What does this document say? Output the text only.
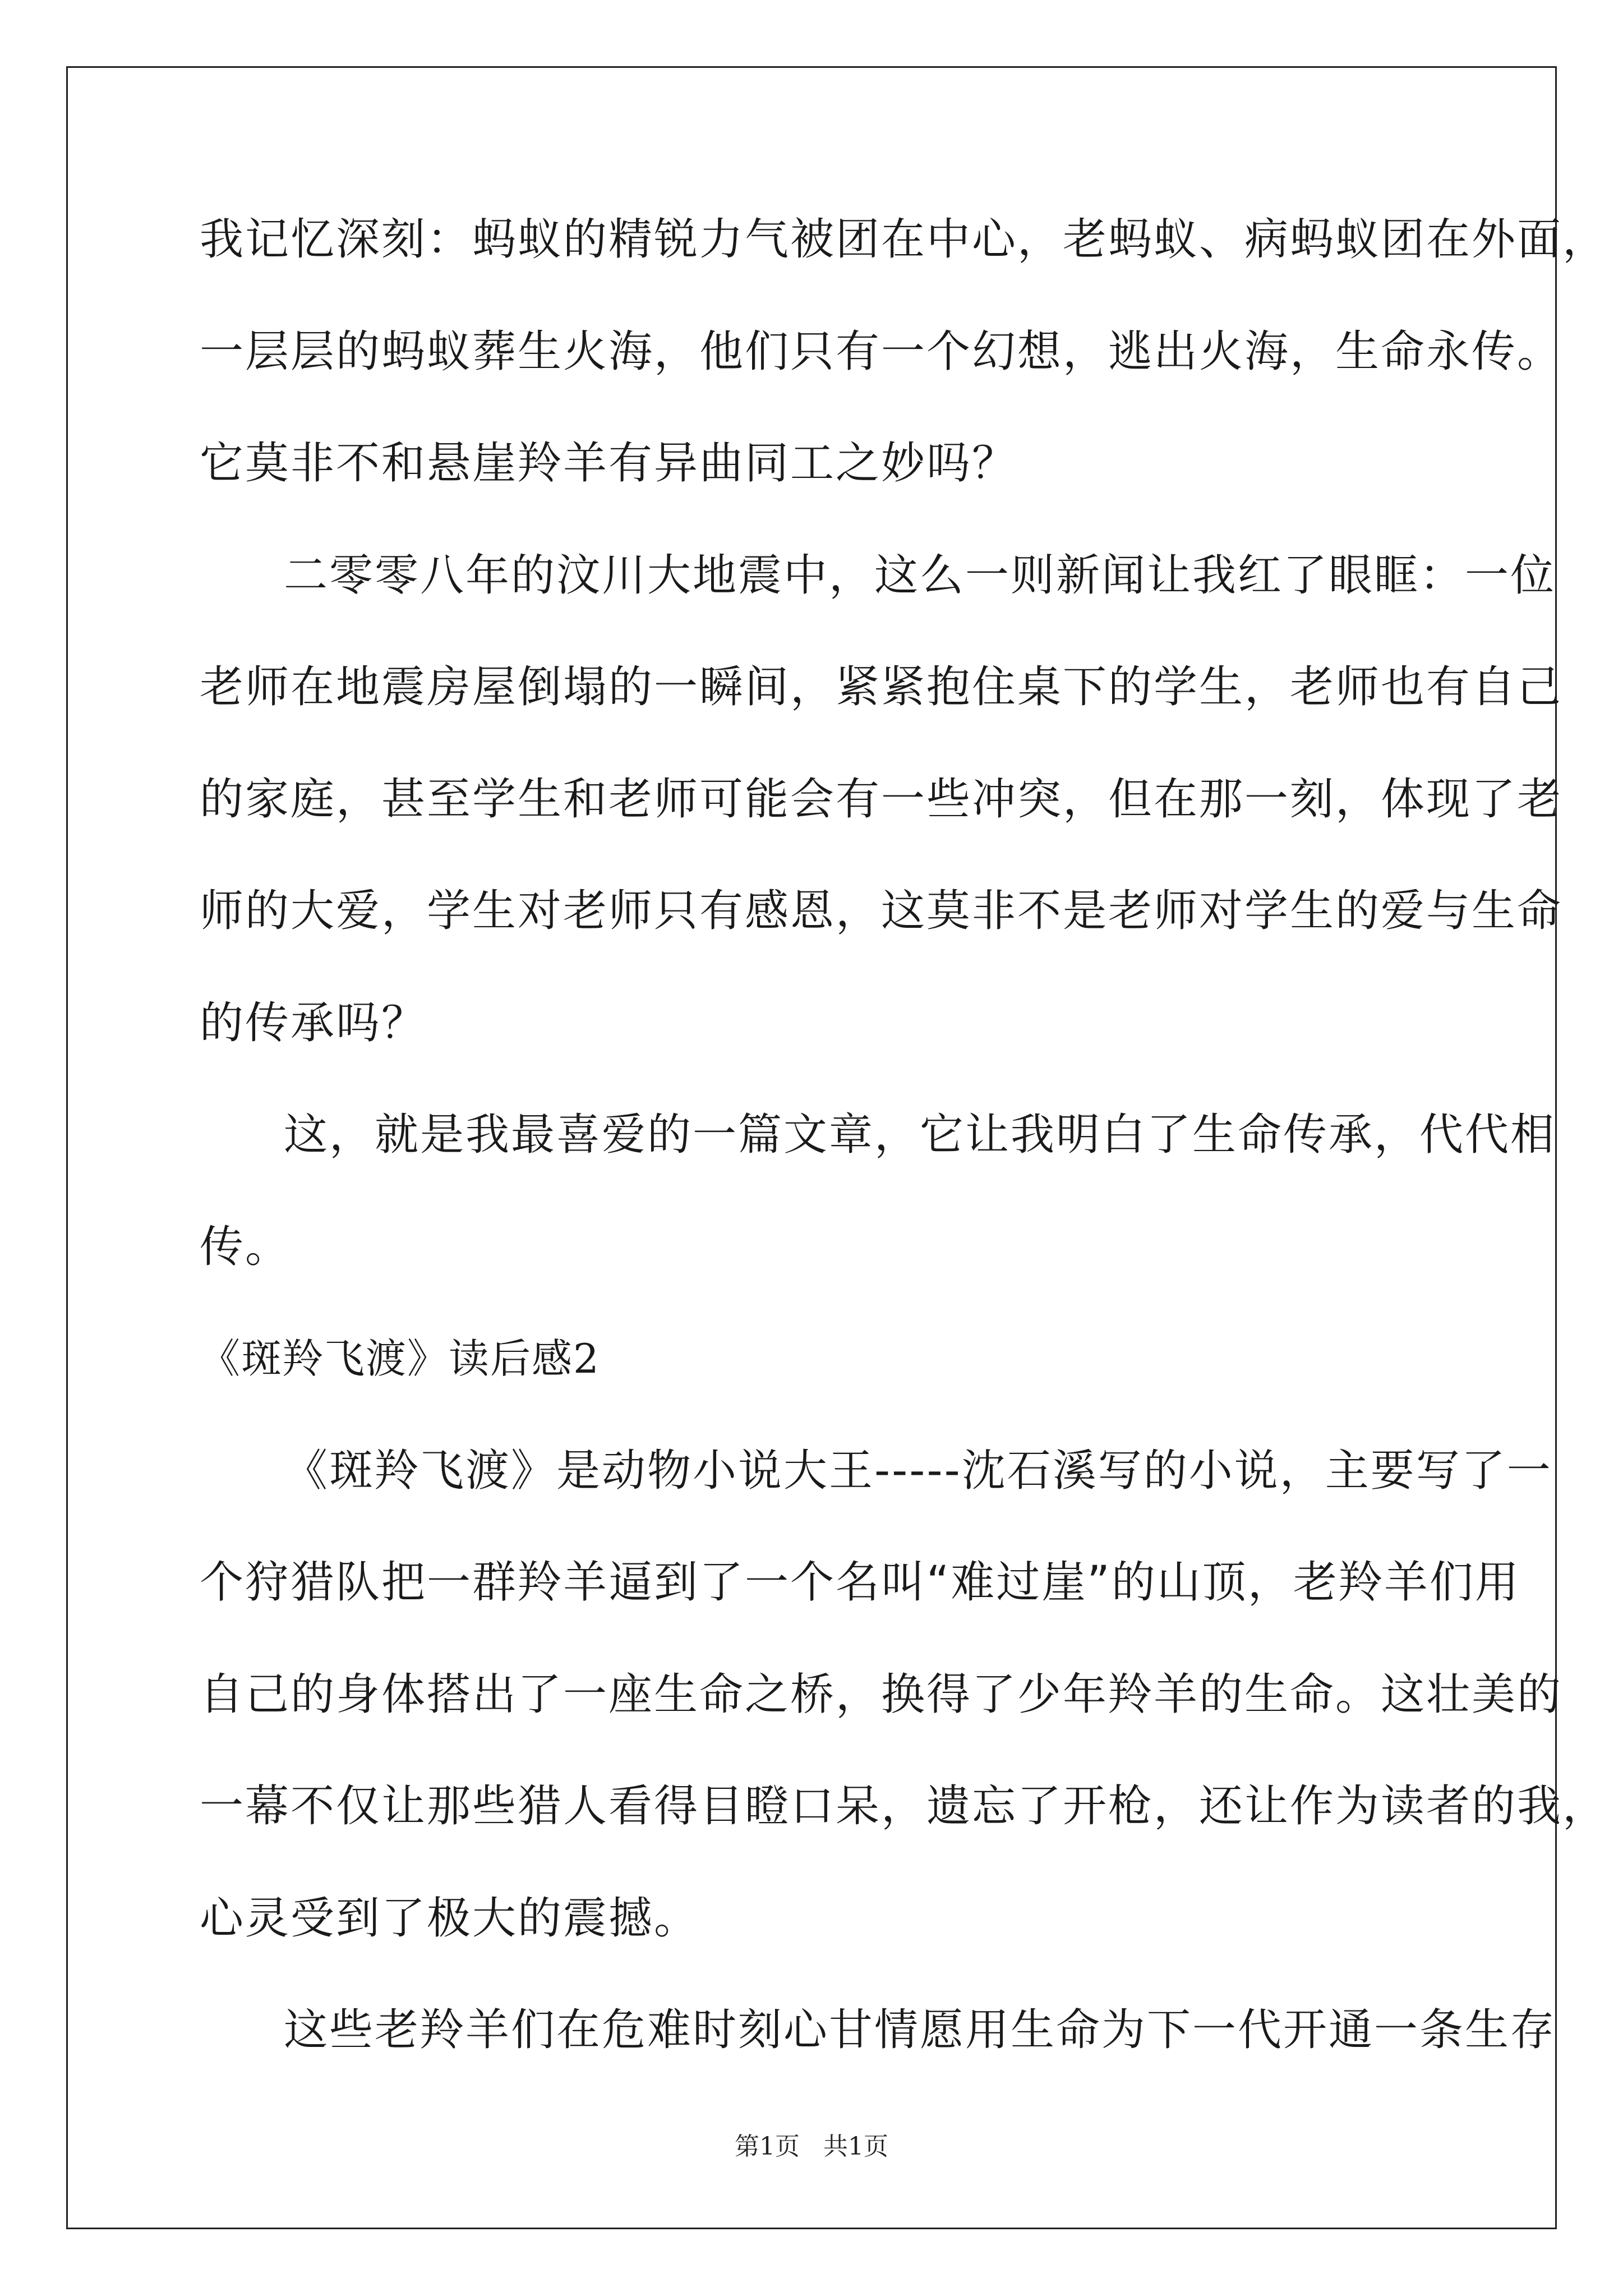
我记忆深刻：蚂蚁的精锐力气被团在中心，老蚂蚁、病蚂蚁团在外面，
一层层的蚂蚁葬生火海，他们只有一个幻想，逃出火海，生命永传。
它莫非不和悬崖羚羊有异曲同工之妙吗？
二零零八年的汶川大地震中，这么一则新闻让我红了眼眶：一位
老师在地震房屋倒塌的一瞬间，紧紧抱住桌下的学生，老师也有自己
的家庭，甚至学生和老师可能会有一些冲突，但在那一刻，体现了老
师的大爱，学生对老师只有感恩，这莫非不是老师对学生的爱与生命
的传承吗？
这，就是我最喜爱的一篇文章，它让我明白了生命传承，代代相
传。
《斑羚飞渡》读后感2
《斑羚飞渡》是动物小说大王-----沈石溪写的小说，主要写了一
个狩猎队把一群羚羊逼到了一个名叫“难过崖”的山顶，老羚羊们用
自己的身体搭出了一座生命之桥，换得了少年羚羊的生命。这壮美的
一幕不仅让那些猎人看得目瞪口呆，遗忘了开枪，还让作为读者的我，
心灵受到了极大的震撼。
这些老羚羊们在危难时刻心甘情愿用生命为下一代开通一条生存
第1页   共1页
